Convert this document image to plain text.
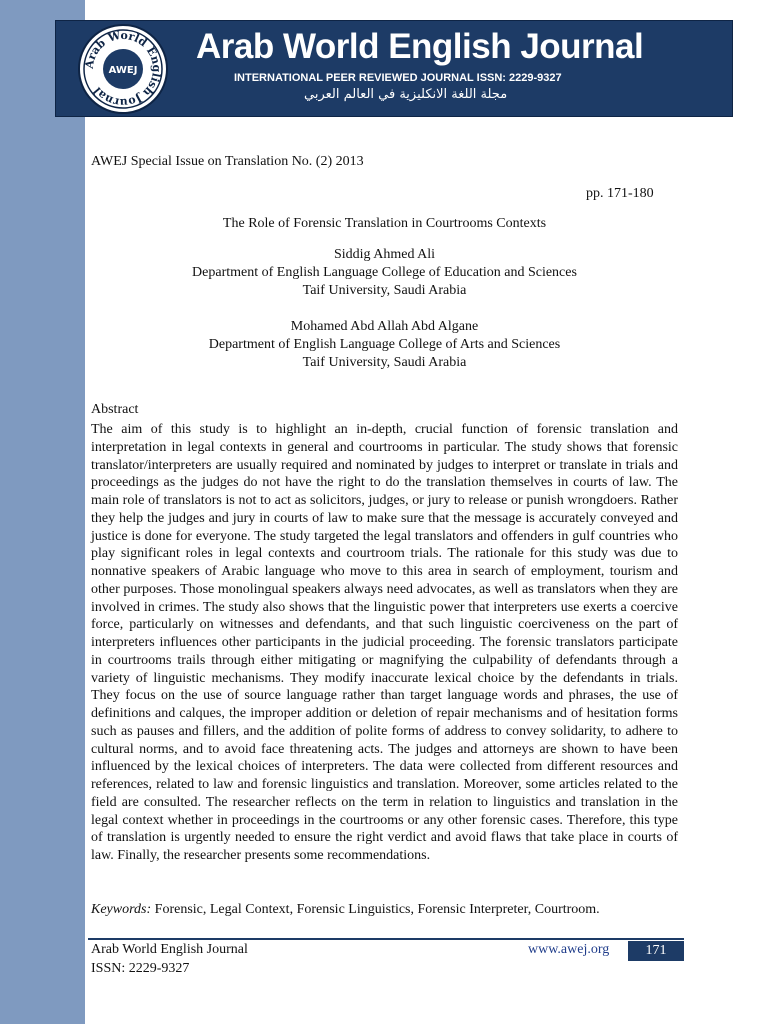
Arab World English Journal
AWEJ
Arab World English Journal
INTERNATIONAL PEER REVIEWED JOURNAL ISSN: 2229-9327
مجلة اللغة الانكليزية في العالم العربي
AWEJ Special Issue on Translation No. (2) 2013
pp. 171-180
The Role of Forensic Translation in Courtrooms Contexts
Siddig Ahmed Ali
Department of English Language College of Education and Sciences
Taif University, Saudi Arabia
Mohamed Abd Allah Abd Algane
Department of English Language College of Arts and Sciences
Taif University, Saudi Arabia
Abstract
The aim of this study is to highlight an in-depth, crucial function of forensic translation and interpretation in legal contexts in general and courtrooms in particular. The study shows that forensic translator/interpreters are usually required and nominated by judges to interpret or translate in trials and proceedings as the judges do not have the right to do the translation themselves in courts of law. The main role of translators is not to act as solicitors, judges, or jury to release or punish wrongdoers. Rather they help the judges and jury in courts of law to make sure that the message is accurately conveyed and justice is done for everyone. The study targeted the legal translators and offenders in gulf countries who play significant roles in legal contexts and courtroom trials. The rationale for this study was due to nonnative speakers of Arabic language who move to this area in search of employment, tourism and other purposes. Those monolingual speakers always need advocates, as well as translators when they are involved in crimes. The study also shows that the linguistic power that interpreters use exerts a coercive force, particularly on witnesses and defendants, and that such linguistic coerciveness on the part of interpreters influences other participants in the judicial proceeding. The forensic translators participate in courtrooms trails through either mitigating or magnifying the culpability of defendants through a variety of linguistic mechanisms. They modify inaccurate lexical choice by the defendants in trials. They focus on the use of source language rather than target language words and phrases, the use of definitions and calques, the improper addition or deletion of repair mechanisms and of hesitation forms such as pauses and fillers, and the addition of polite forms of address to convey solidarity, to adhere to cultural norms, and to avoid face threatening acts. The judges and attorneys are shown to have been influenced by the lexical choices of interpreters. The data were collected from different resources and references, related to law and forensic linguistics and translation. Moreover, some articles related to the field are consulted. The researcher reflects on the term in relation to linguistics and translation in the legal context whether in proceedings in the courtrooms or any other forensic cases. Therefore, this type of translation is urgently needed to ensure the right verdict and avoid flaws that take place in courts of law. Finally, the researcher presents some recommendations.
Keywords: Forensic, Legal Context, Forensic Linguistics, Forensic Interpreter, Courtroom.
Arab World English Journal
ISSN: 2229-9327
www.awej.org	171
